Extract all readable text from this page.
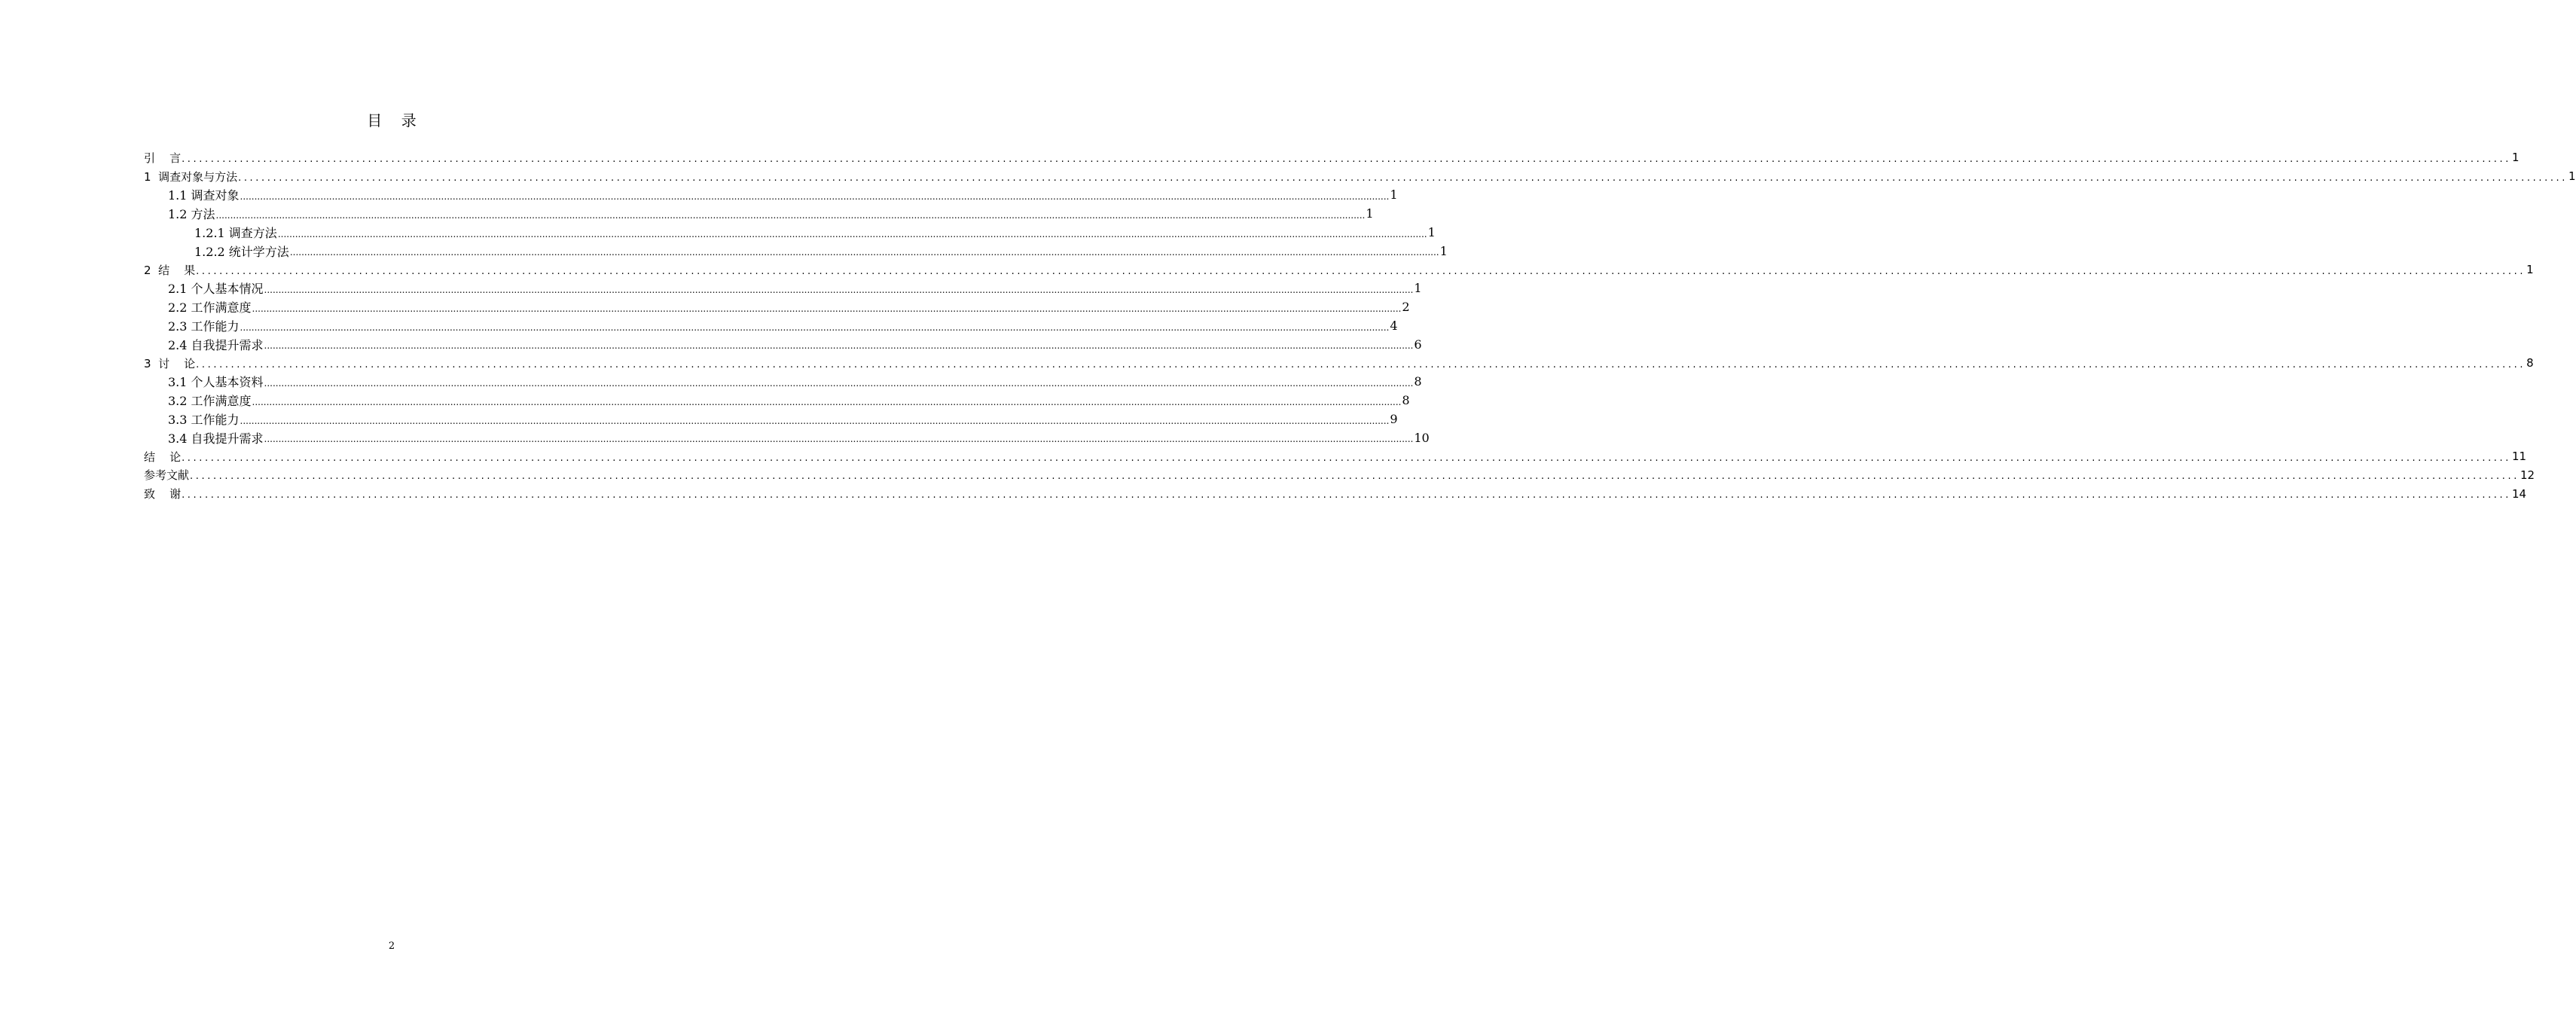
目    录
引    言 ................................................................................................................................................................................................................................................................................................................................................................................................................ 1
1  调查对象与方法 ................................................................................................................................................................................................................................................................................................................................................................................................................ 1
1.1 调查对象 ................................................................................................................................................................................................................................................................................................................................................................................................................ 1
1.2 方法 ................................................................................................................................................................................................................................................................................................................................................................................................................ 1
1.2.1 调查方法 ................................................................................................................................................................................................................................................................................................................................................................................................................ 1
1.2.2 统计学方法 ................................................................................................................................................................................................................................................................................................................................................................................................................ 1
2  结    果 ................................................................................................................................................................................................................................................................................................................................................................................................................ 1
2.1 个人基本情况 ................................................................................................................................................................................................................................................................................................................................................................................................................ 1
2.2 工作满意度 ................................................................................................................................................................................................................................................................................................................................................................................................................ 2
2.3 工作能力 ................................................................................................................................................................................................................................................................................................................................................................................................................ 4
2.4 自我提升需求 ................................................................................................................................................................................................................................................................................................................................................................................................................ 6
3  讨    论 ................................................................................................................................................................................................................................................................................................................................................................................................................ 8
3.1 个人基本资料 ................................................................................................................................................................................................................................................................................................................................................................................................................ 8
3.2 工作满意度 ................................................................................................................................................................................................................................................................................................................................................................................................................ 8
3.3 工作能力 ................................................................................................................................................................................................................................................................................................................................................................................................................ 9
3.4 自我提升需求 ................................................................................................................................................................................................................................................................................................................................................................................................................ 10
结    论 ................................................................................................................................................................................................................................................................................................................................................................................................................ 11
参考文献 ................................................................................................................................................................................................................................................................................................................................................................................................................ 12
致    谢 ................................................................................................................................................................................................................................................................................................................................................................................................................ 14
2
